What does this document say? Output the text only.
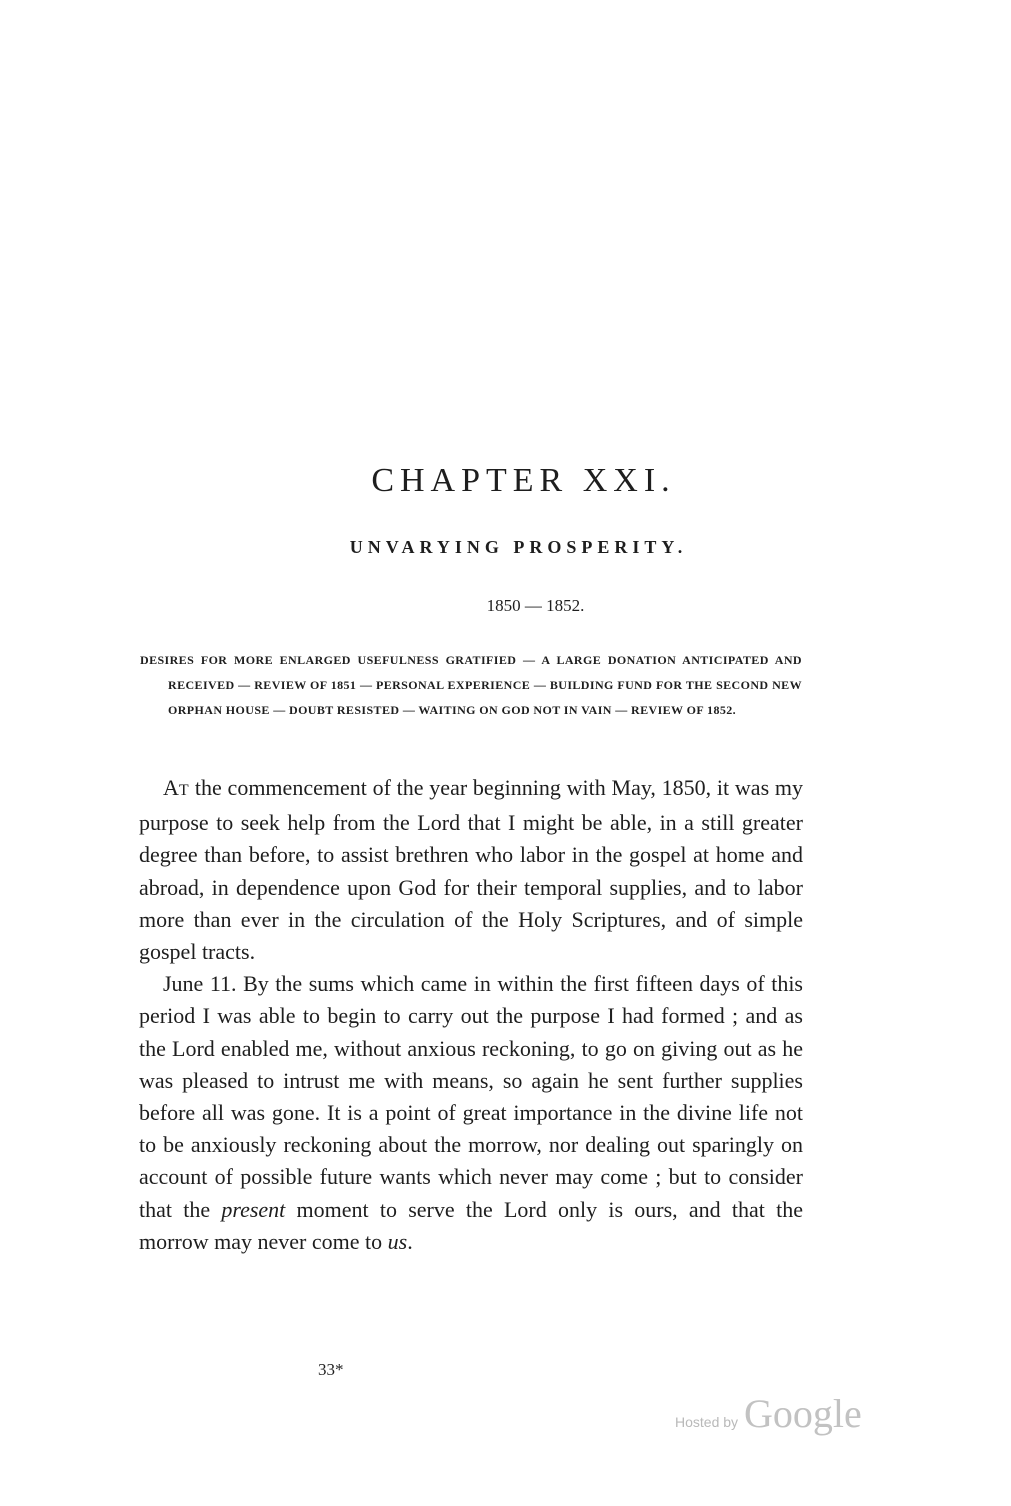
CHAPTER XXI.
UNVARYING PROSPERITY.
1850 — 1852.
DESIRES FOR MORE ENLARGED USEFULNESS GRATIFIED — A LARGE DONATION ANTICIPATED AND RECEIVED — REVIEW OF 1851 — PERSONAL EXPERIENCE — BUILDING FUND FOR THE SECOND NEW ORPHAN HOUSE — DOUBT RESISTED — WAITING ON GOD NOT IN VAIN — REVIEW OF 1852.

AT the commencement of the year beginning with May, 1850, it was my purpose to seek help from the Lord that I might be able, in a still greater degree than before, to assist brethren who labor in the gospel at home and abroad, in dependence upon God for their temporal supplies, and to labor more than ever in the circulation of the Holy Scriptures, and of simple gospel tracts.

June 11. By the sums which came in within the first fifteen days of this period I was able to begin to carry out the purpose I had formed ; and as the Lord enabled me, without anxious reckoning, to go on giving out as he was pleased to intrust me with means, so again he sent further supplies before all was gone. It is a point of great importance in the divine life not to be anxiously reckoning about the morrow, nor dealing out sparingly on account of possible future wants which never may come ; but to consider that the present moment to serve the Lord only is ours, and that the morrow may never come to us.

33*
Hosted by Google
